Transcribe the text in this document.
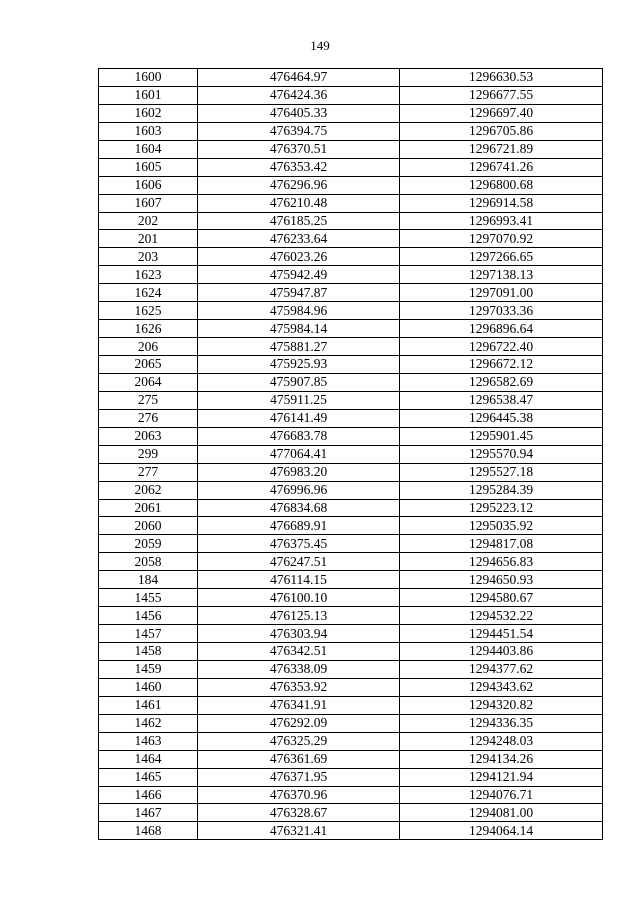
149
1600	476464.97	1296630.53
1601	476424.36	1296677.55
1602	476405.33	1296697.40
1603	476394.75	1296705.86
1604	476370.51	1296721.89
1605	476353.42	1296741.26
1606	476296.96	1296800.68
1607	476210.48	1296914.58
202	476185.25	1296993.41
201	476233.64	1297070.92
203	476023.26	1297266.65
1623	475942.49	1297138.13
1624	475947.87	1297091.00
1625	475984.96	1297033.36
1626	475984.14	1296896.64
206	475881.27	1296722.40
2065	475925.93	1296672.12
2064	475907.85	1296582.69
275	475911.25	1296538.47
276	476141.49	1296445.38
2063	476683.78	1295901.45
299	477064.41	1295570.94
277	476983.20	1295527.18
2062	476996.96	1295284.39
2061	476834.68	1295223.12
2060	476689.91	1295035.92
2059	476375.45	1294817.08
2058	476247.51	1294656.83
184	476114.15	1294650.93
1455	476100.10	1294580.67
1456	476125.13	1294532.22
1457	476303.94	1294451.54
1458	476342.51	1294403.86
1459	476338.09	1294377.62
1460	476353.92	1294343.62
1461	476341.91	1294320.82
1462	476292.09	1294336.35
1463	476325.29	1294248.03
1464	476361.69	1294134.26
1465	476371.95	1294121.94
1466	476370.96	1294076.71
1467	476328.67	1294081.00
1468	476321.41	1294064.14
